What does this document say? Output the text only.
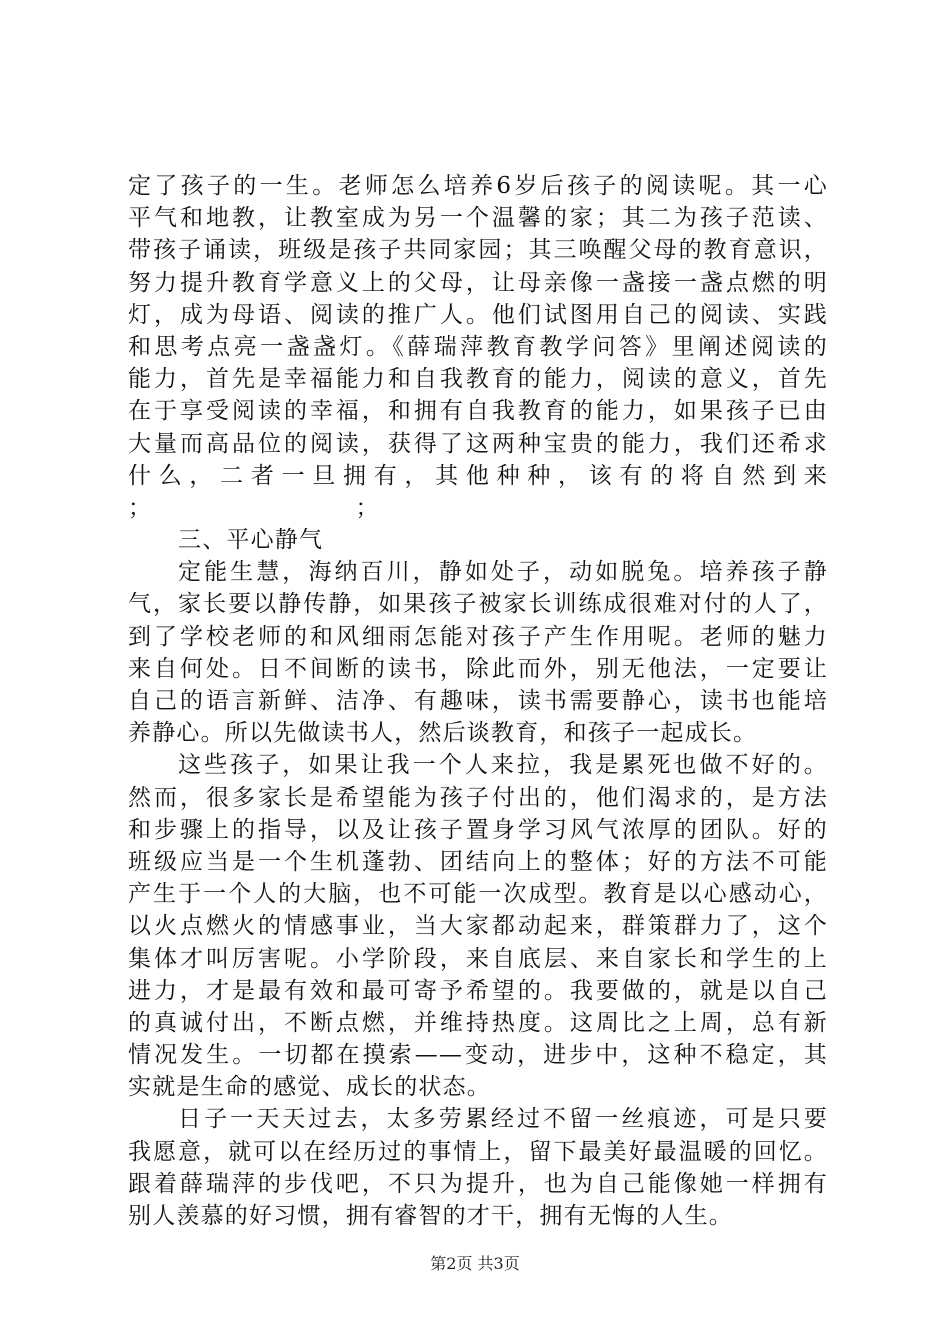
定了孩子的一生。老师怎么培养6岁后孩子的阅读呢。其一心
平气和地教，让教室成为另一个温馨的家；其二为孩子范读、
带孩子诵读，班级是孩子共同家园；其三唤醒父母的教育意识，
努力提升教育学意义上的父母，让母亲像一盏接一盏点燃的明
灯，成为母语、阅读的推广人。他们试图用自己的阅读、实践
和思考点亮一盏盏灯。《薛瑞萍教育教学问答》里阐述阅读的
能力，首先是幸福能力和自我教育的能力，阅读的意义，首先
在于享受阅读的幸福，和拥有自我教育的能力，如果孩子已由
大量而高品位的阅读，获得了这两种宝贵的能力，我们还希求
什么，二者一旦拥有，其他种种，该有的将自然到来
；；
三、平心静气
定能生慧，海纳百川，静如处子，动如脱兔。培养孩子静
气，家长要以静传静，如果孩子被家长训练成很难对付的人了，
到了学校老师的和风细雨怎能对孩子产生作用呢。老师的魅力
来自何处。日不间断的读书，除此而外，别无他法，一定要让
自己的语言新鲜、洁净、有趣味，读书需要静心，读书也能培
养静心。所以先做读书人，然后谈教育，和孩子一起成长。
这些孩子，如果让我一个人来拉，我是累死也做不好的。
然而，很多家长是希望能为孩子付出的，他们渴求的，是方法
和步骤上的指导，以及让孩子置身学习风气浓厚的团队。好的
班级应当是一个生机蓬勃、团结向上的整体；好的方法不可能
产生于一个人的大脑，也不可能一次成型。教育是以心感动心，
以火点燃火的情感事业，当大家都动起来，群策群力了，这个
集体才叫厉害呢。小学阶段，来自底层、来自家长和学生的上
进力，才是最有效和最可寄予希望的。我要做的，就是以自己
的真诚付出，不断点燃，并维持热度。这周比之上周，总有新
情况发生。一切都在摸索——变动，进步中，这种不稳定，其
实就是生命的感觉、成长的状态。
日子一天天过去，太多劳累经过不留一丝痕迹，可是只要
我愿意，就可以在经历过的事情上，留下最美好最温暖的回忆。
跟着薛瑞萍的步伐吧，不只为提升，也为自己能像她一样拥有
别人羡慕的好习惯，拥有睿智的才干，拥有无悔的人生。
第2页 共3页
